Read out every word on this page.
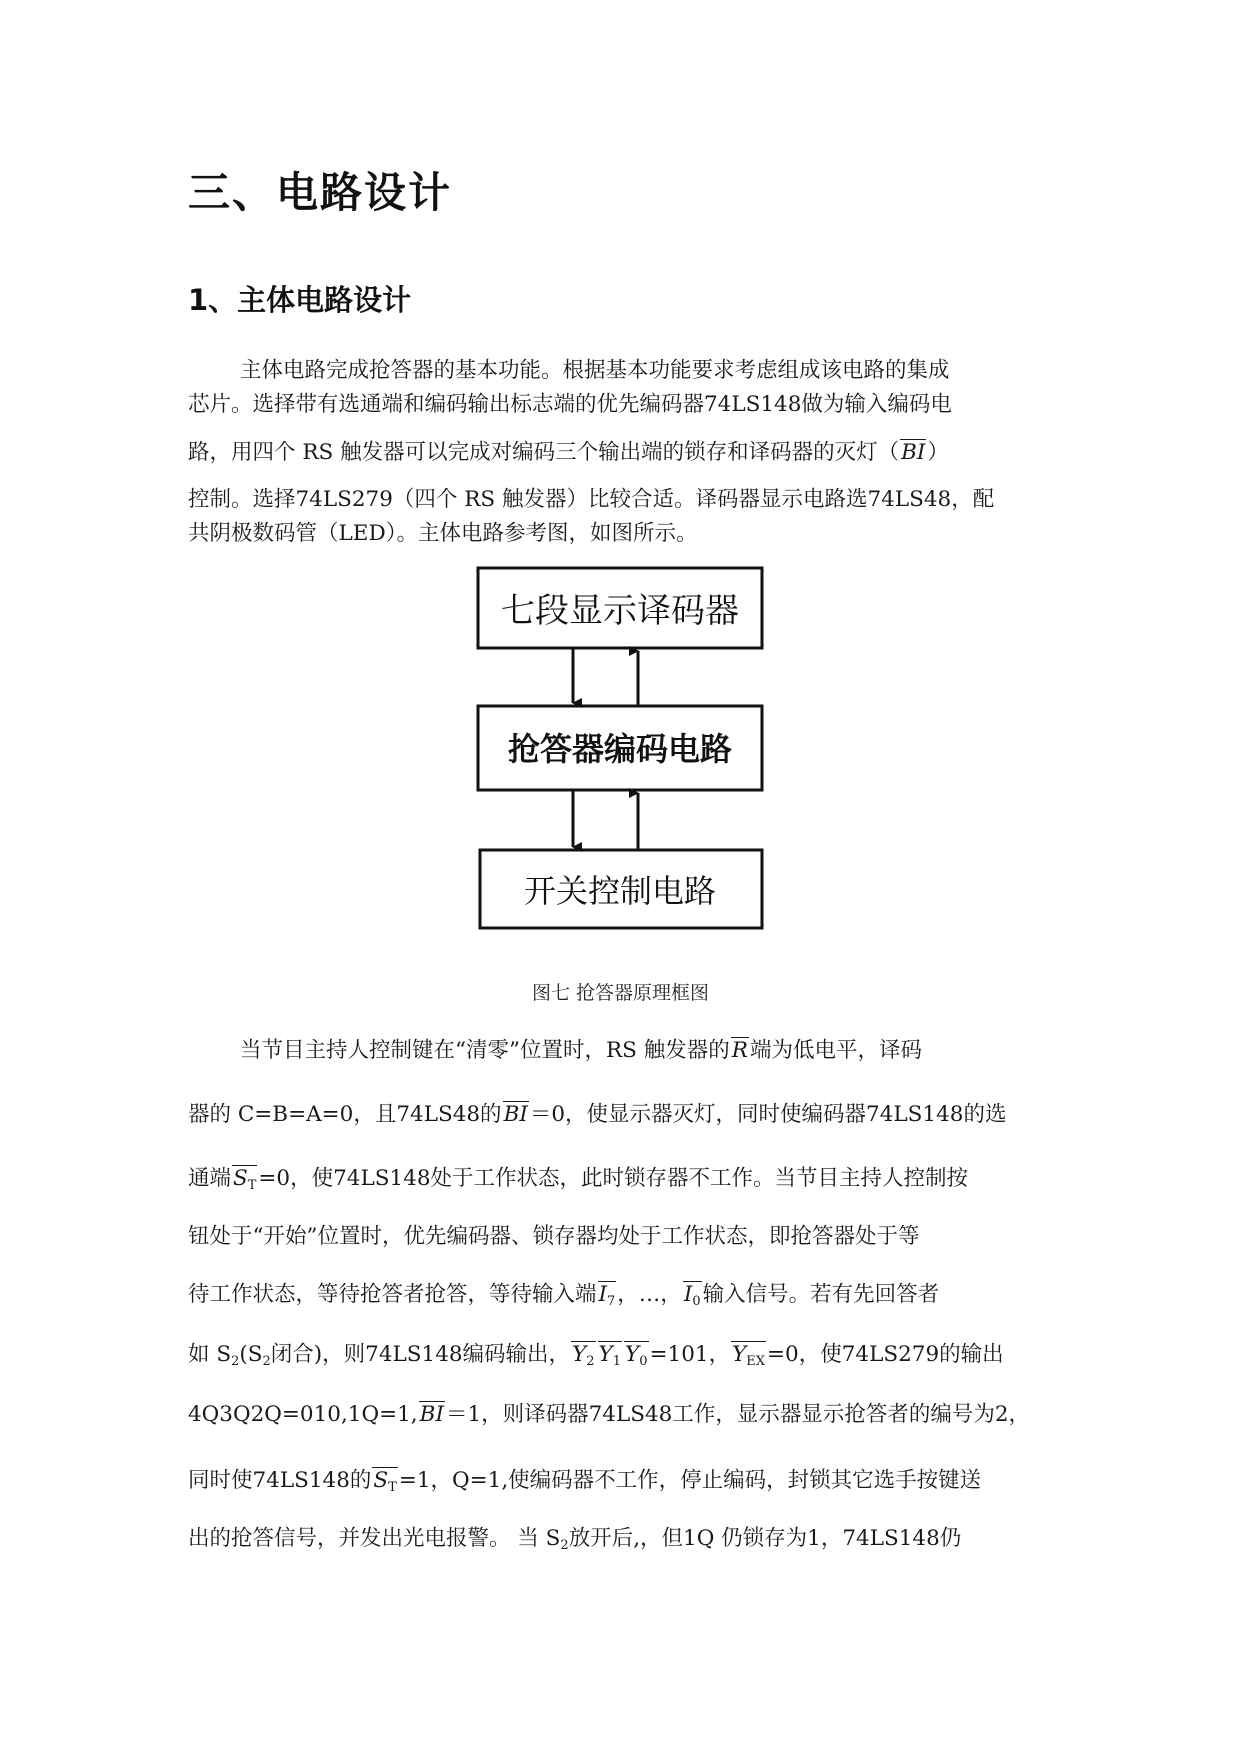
三、电路设计
1、主体电路设计

主体电路完成抢答器的基本功能。根据基本功能要求考虑组成该电路的集成

芯片。选择带有选通端和编码输出标志端的优先编码器74LS148做为输入编码电

路，用四个 RS 触发器可以完成对编码三个输出端的锁存和译码器的灭灯（BI）

控制。选择74LS279（四个 RS 触发器）比较合适。译码器显示电路选74LS48，配

共阴极数码管（LED）。主体电路参考图，如图所示。

七段显示译码器
抢答器编码电路
开关控制电路

图七 抢答器原理框图

当节目主持人控制键在“清零”位置时，RS 触发器的R端为低电平，译码

器的 C=B=A=0，且74LS48的BI＝0，使显示器灭灯，同时使编码器74LS148的选

通端ST=0，使74LS148处于工作状态，此时锁存器不工作。当节目主持人控制按

钮处于“开始”位置时，优先编码器、锁存器均处于工作状态，即抢答器处于等

待工作状态，等待抢答者抢答，等待输入端I7，…，I0输入信号。若有先回答者

如 S2(S2闭合)，则74LS148编码输出，Y2 Y1 Y0=101，YEX=0，使74LS279的输出

4Q3Q2Q=010,1Q=1,BI＝1，则译码器74LS48工作，显示器显示抢答者的编号为2，

同时使74LS148的ST=1，Q=1,使编码器不工作，停止编码，封锁其它选手按键送

出的抢答信号，并发出光电报警。 当 S2放开后,，但1Q 仍锁存为1，74LS148仍
